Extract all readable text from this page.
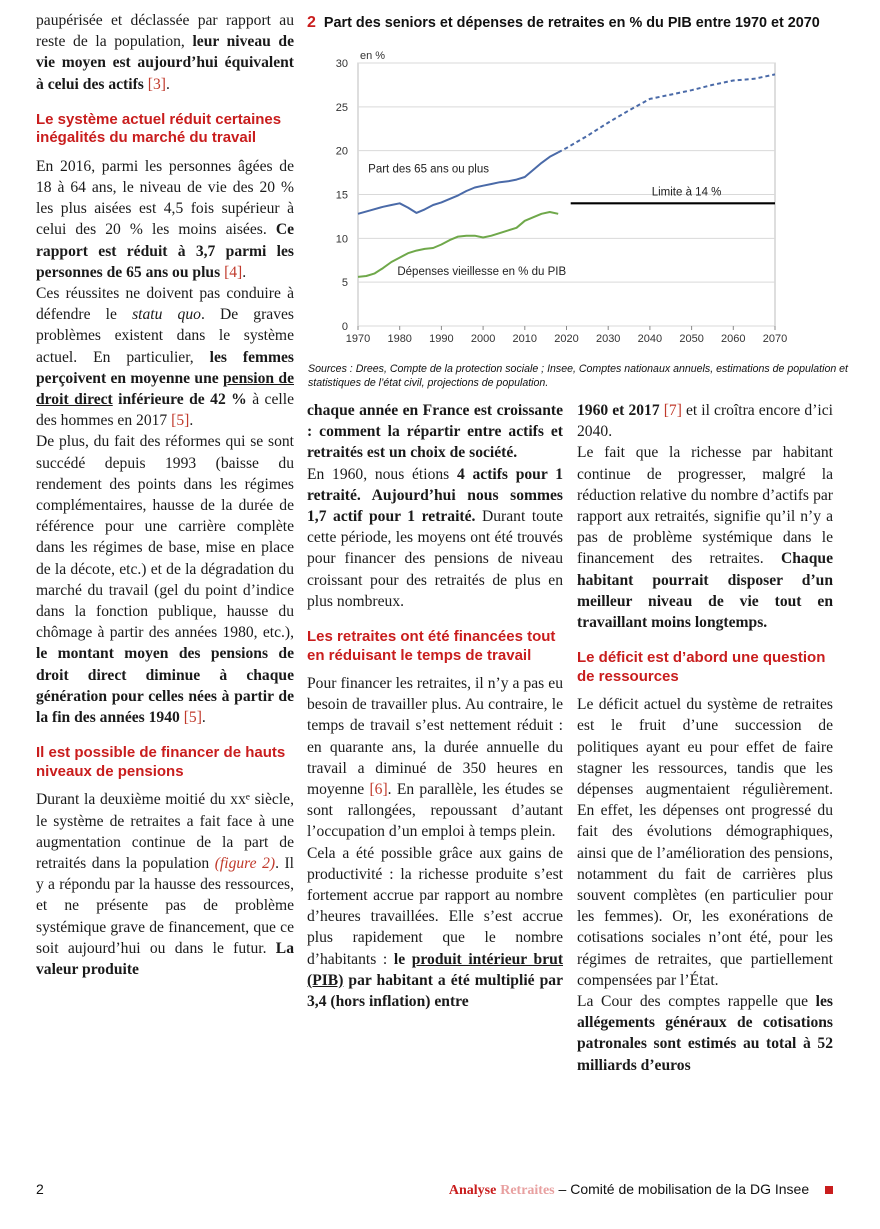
paupérisée et déclassée par rapport au reste de la population, leur niveau de vie moyen est aujourd’hui équivalent à celui des actifs [3].

Le système actuel réduit certaines inégalités du marché du travail

En 2016, parmi les personnes âgées de 18 à 64 ans, le niveau de vie des 20 % les plus aisées est 4,5 fois supérieur à celui des 20 % les moins aisées. Ce rapport est réduit à 3,7 parmi les personnes de 65 ans ou plus [4].

Ces réussites ne doivent pas conduire à défendre le statu quo. De graves problèmes existent dans le système actuel. En particulier, les femmes perçoivent en moyenne une pension de droit direct inférieure de 42 % à celle des hommes en 2017 [5].

De plus, du fait des réformes qui se sont succédé depuis 1993 (baisse du rendement des points dans les régimes complémentaires, hausse de la durée de référence pour une carrière complète dans les régimes de base, mise en place de la décote, etc.) et de la dégradation du marché du travail (gel du point d’indice dans la fonction publique, hausse du chômage à partir des années 1980, etc.), le montant moyen des pensions de droit direct diminue à chaque génération pour celles nées à partir de la fin des années 1940 [5].

Il est possible de financer de hauts niveaux de pensions

Durant la deuxième moitié du xxᵉ siècle, le système de retraites a fait face à une augmentation continue de la part de retraités dans la population (figure 2). Il y a répondu par la hausse des ressources, et ne présente pas de problème systémique grave de financement, que ce soit aujourd’hui ou dans le futur. La valeur produite

2 Part des seniors et dépenses de retraites en % du PIB entre 1970 et 2070
0
5
10
15
20
25
30
1970 1980 1990 2000 2010 2020 2030 2040 2050 2060 2070
en %
Part des 65 ans ou plus
Dépenses vieillesse en % du PIB
Limite à 14 %
Sources : Drees, Compte de la protection sociale ; Insee, Comptes nationaux annuels, estimations de population et statistiques de l’état civil, projections de population.

chaque année en France est croissante : comment la répartir entre actifs et retraités est un choix de société.

En 1960, nous étions 4 actifs pour 1 retraité. Aujourd’hui nous sommes 1,7 actif pour 1 retraité. Durant toute cette période, les moyens ont été trouvés pour financer des pensions de niveau croissant pour des retraités de plus en plus nombreux.

Les retraites ont été financées tout en réduisant le temps de travail

Pour financer les retraites, il n’y a pas eu besoin de travailler plus. Au contraire, le temps de travail s’est nettement réduit : en quarante ans, la durée annuelle du travail a diminué de 350 heures en moyenne [6]. En parallèle, les études se sont rallongées, repoussant d’autant l’occupation d’un emploi à temps plein.

Cela a été possible grâce aux gains de productivité : la richesse produite s’est fortement accrue par rapport au nombre d’heures travaillées. Elle s’est accrue plus rapidement que le nombre d’habitants : le produit intérieur brut (PIB) par habitant a été multiplié par 3,4 (hors inflation) entre

1960 et 2017 [7] et il croîtra encore d’ici 2040.

Le fait que la richesse par habitant continue de progresser, malgré la réduction relative du nombre d’actifs par rapport aux retraités, signifie qu’il n’y a pas de problème systémique dans le financement des retraites. Chaque habitant pourrait disposer d’un meilleur niveau de vie tout en travaillant moins longtemps.

Le déficit est d’abord une question de ressources

Le déficit actuel du système de retraites est le fruit d’une succession de politiques ayant eu pour effet de faire stagner les ressources, tandis que les dépenses augmentaient régulièrement. En effet, les dépenses ont progressé du fait des évolutions démographiques, ainsi que de l’amélioration des pensions, notamment du fait de carrières plus souvent complètes (en particulier pour les femmes). Or, les exonérations de cotisations sociales n’ont été, pour les régimes de retraites, que partiellement compensées par l’État.

La Cour des comptes rappelle que les allégements généraux de cotisations patronales sont estimés au total à 52 milliards d’euros

2	Analyse Retraites – Comité de mobilisation de la DG Insee
